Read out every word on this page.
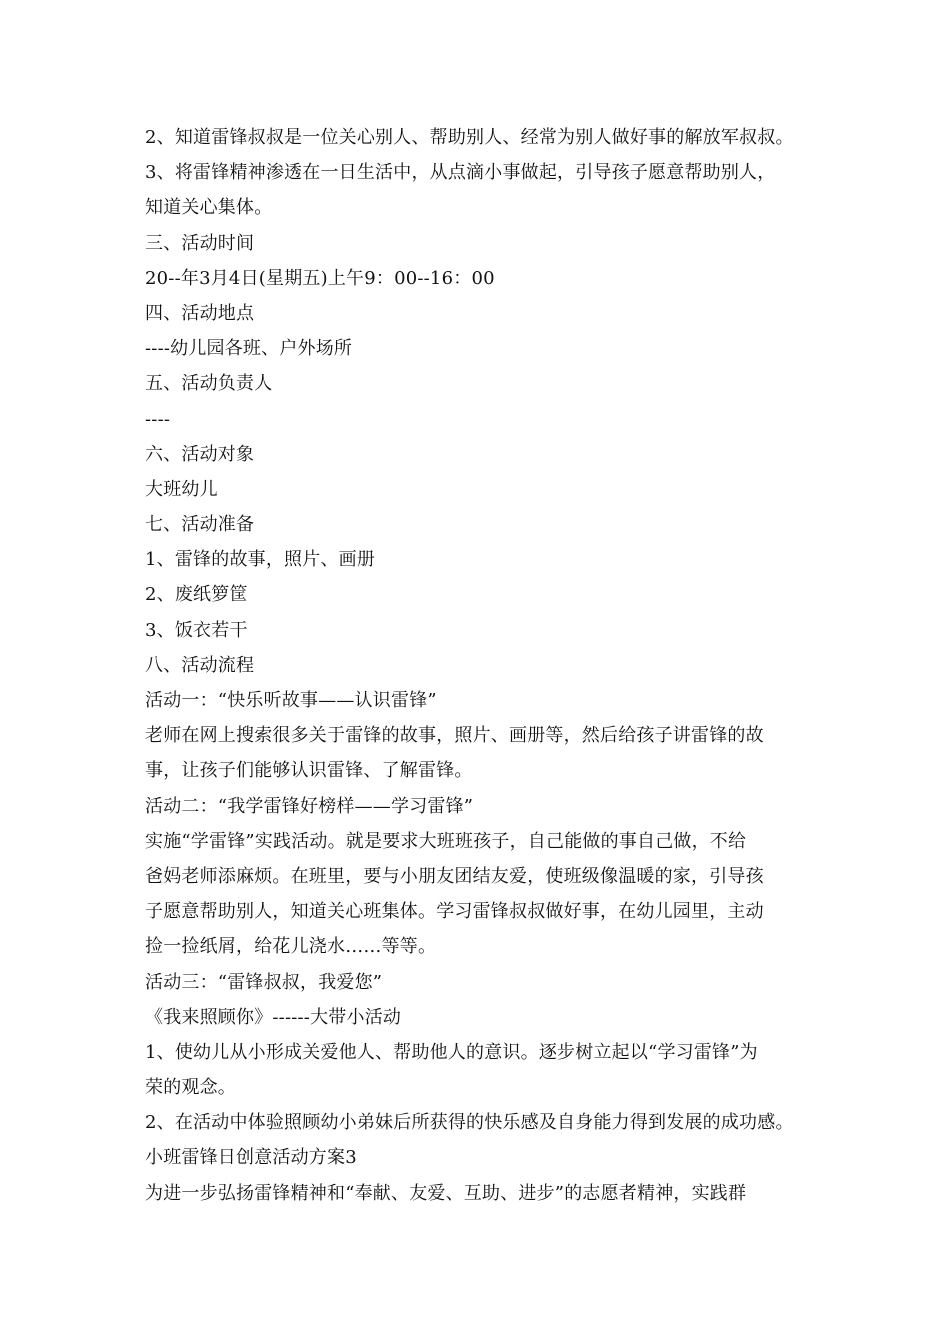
2、知道雷锋叔叔是一位关心别人、帮助别人、经常为别人做好事的解放军叔叔。
3、将雷锋精神渗透在一日生活中，从点滴小事做起，引导孩子愿意帮助别人，
知道关心集体。
三、活动时间
20--年3月4日(星期五)上午9：00--16：00
四、活动地点
----幼儿园各班、户外场所
五、活动负责人
----
六、活动对象
大班幼儿
七、活动准备
1、雷锋的故事，照片、画册
2、废纸箩筐
3、饭衣若干
八、活动流程
活动一：“快乐听故事——认识雷锋”
老师在网上搜索很多关于雷锋的故事，照片、画册等，然后给孩子讲雷锋的故
事，让孩子们能够认识雷锋、了解雷锋。
活动二：“我学雷锋好榜样——学习雷锋”
实施“学雷锋”实践活动。就是要求大班班孩子，自己能做的事自己做，不给
爸妈老师添麻烦。在班里，要与小朋友团结友爱，使班级像温暖的家，引导孩
子愿意帮助别人，知道关心班集体。学习雷锋叔叔做好事，在幼儿园里，主动
捡一捡纸屑，给花儿浇水……等等。
活动三：“雷锋叔叔，我爱您”
《我来照顾你》------大带小活动
1、使幼儿从小形成关爱他人、帮助他人的意识。逐步树立起以“学习雷锋”为
荣的观念。
2、在活动中体验照顾幼小弟妹后所获得的快乐感及自身能力得到发展的成功感。
小班雷锋日创意活动方案3
为进一步弘扬雷锋精神和“奉献、友爱、互助、进步”的志愿者精神，实践群
